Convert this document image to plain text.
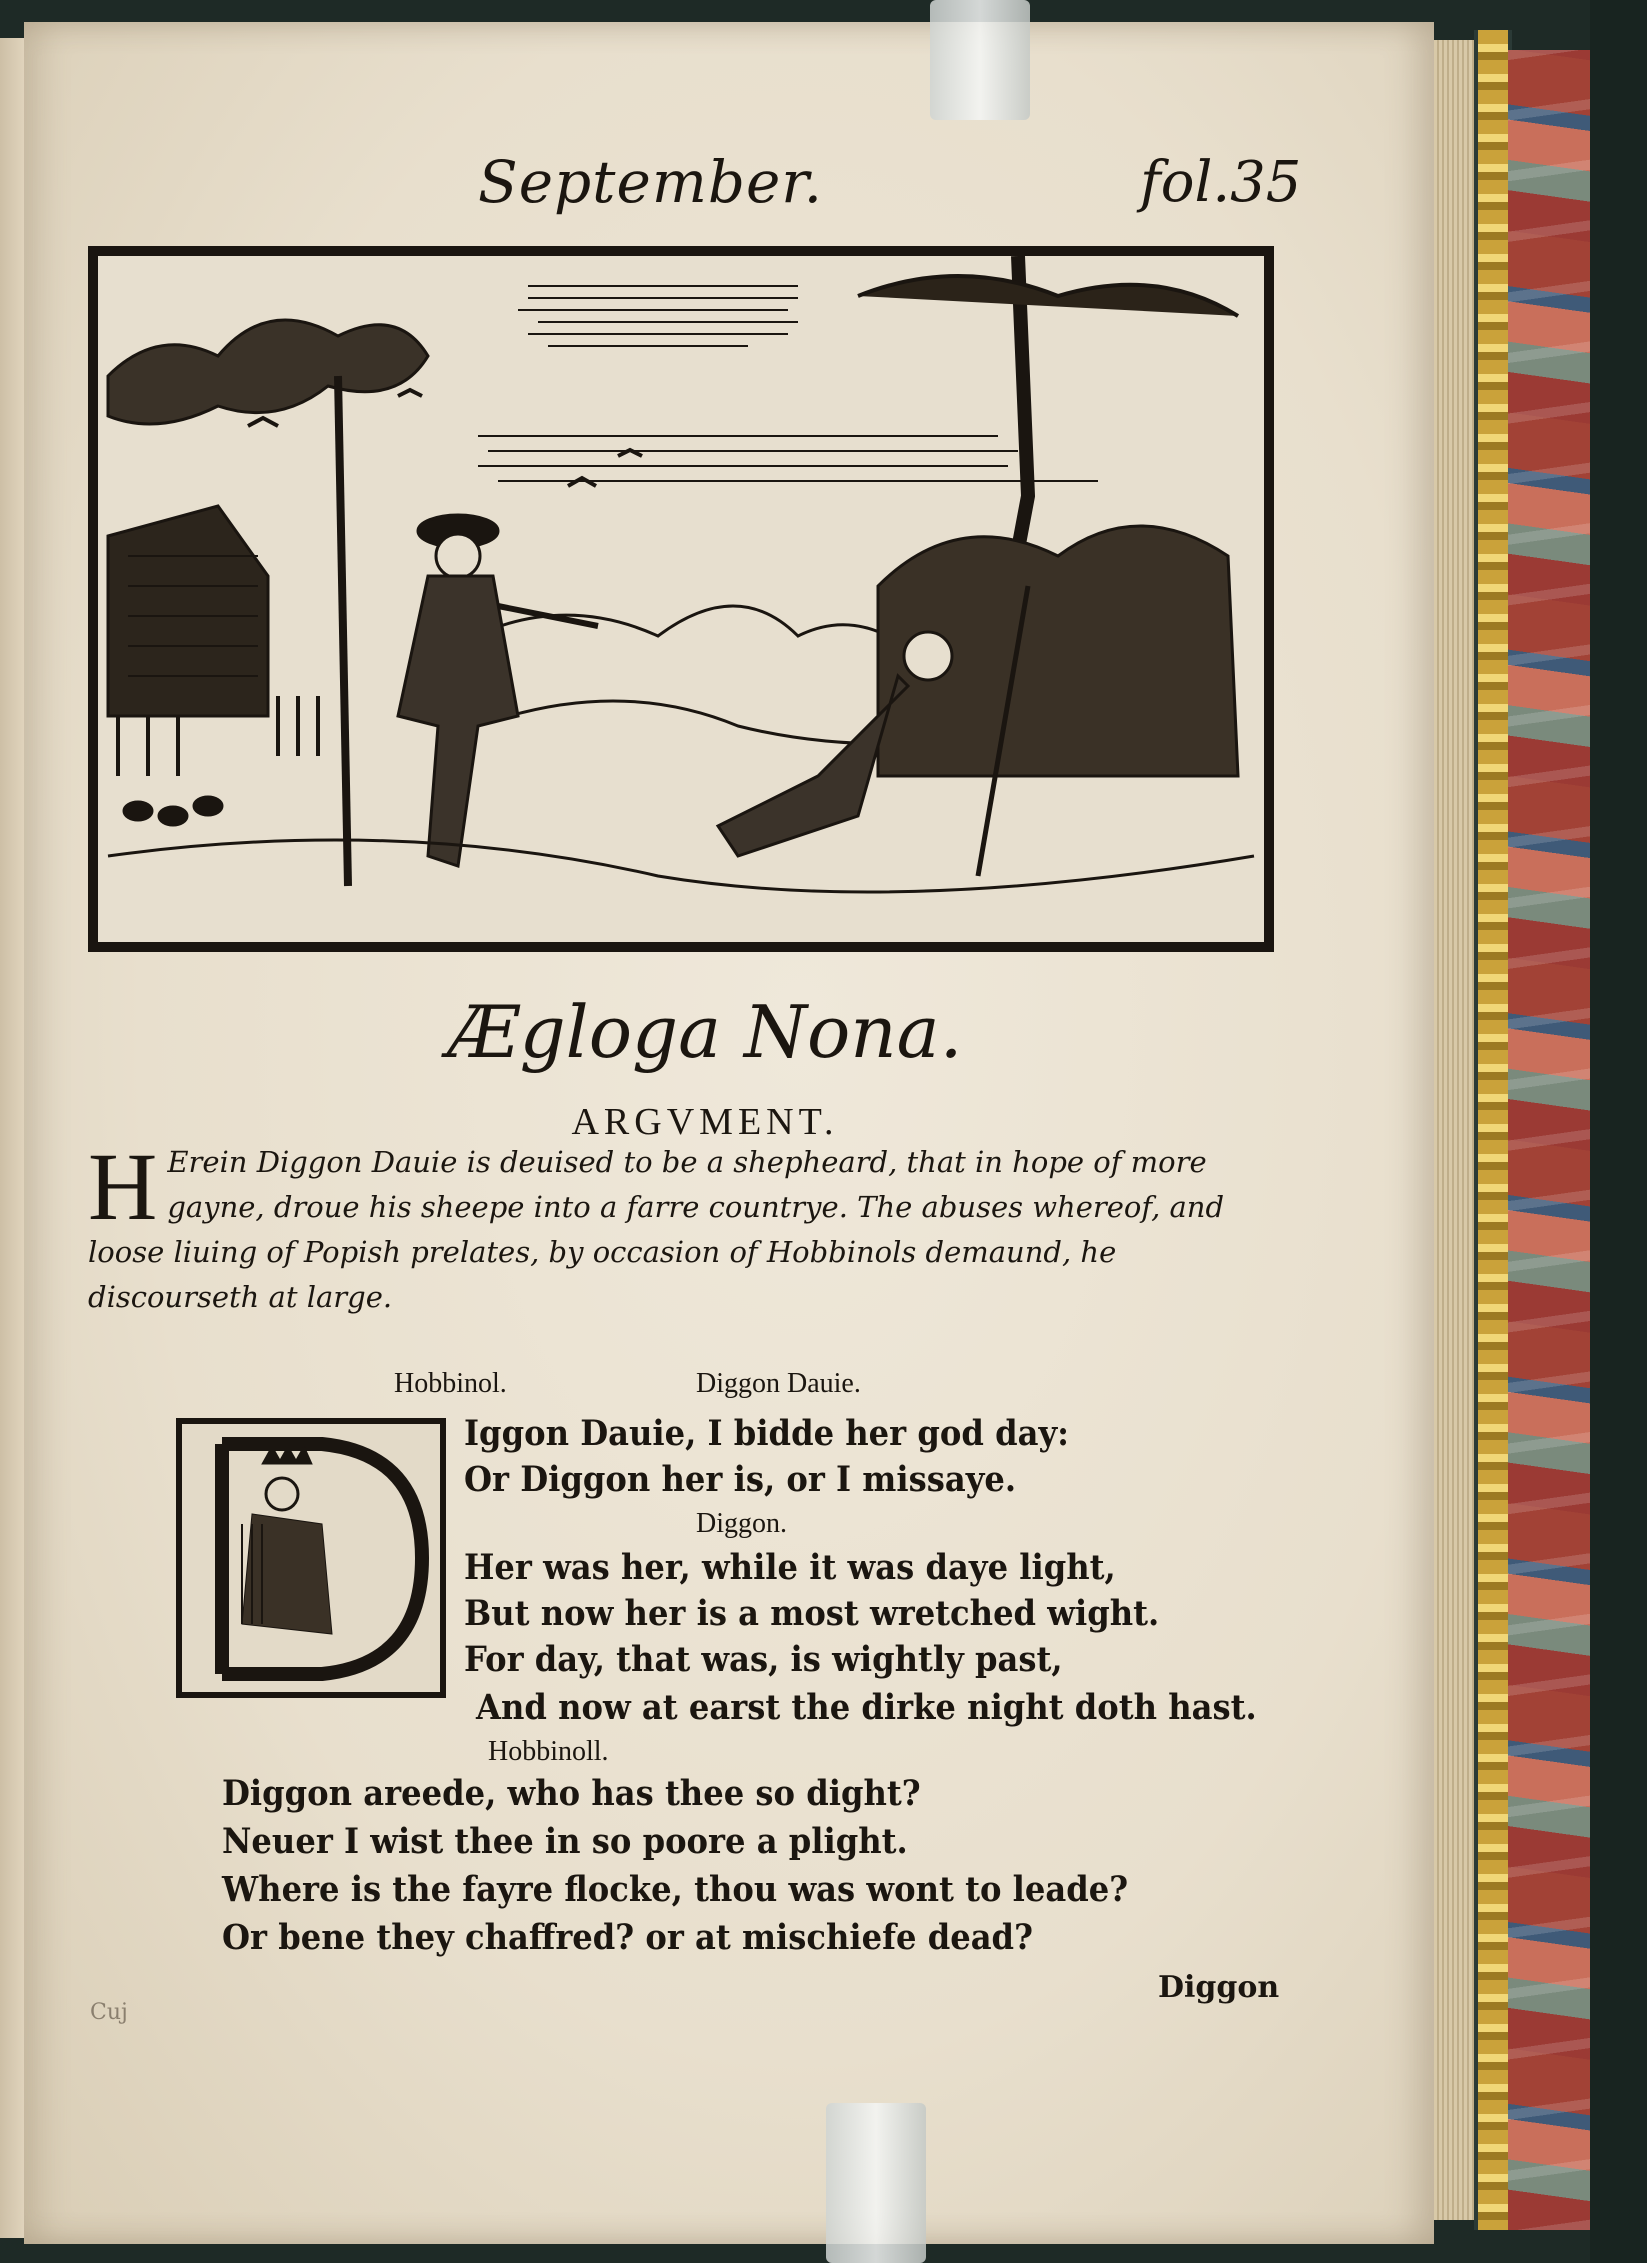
September.	fol.35
Ægloga Nona.
ARGVMENT.
H Erein Diggon Dauie is deuised to be a shepheard, that in hope of more gayne, droue his sheepe into a farre countrye. The abuses whereof, and loose liuing of Popish prelates, by occasion of Hobbinols demaund, he discourseth at large.
Hobbinol.	Diggon Dauie.
Iggon Dauie, I bidde her god day:
Or Diggon her is, or I missaye.
Diggon.
Her was her, while it was daye light,
But now her is a most wretched wight.
For day, that was, is wightly past,
And now at earst the dirke night doth hast.
Hobbinoll.
Diggon areede, who has thee so dight?
Neuer I wist thee in so poore a plight.
Where is the fayre flocke, thou was wont to leade?
Or bene they chaffred? or at mischiefe dead?
Diggon
Cuj
